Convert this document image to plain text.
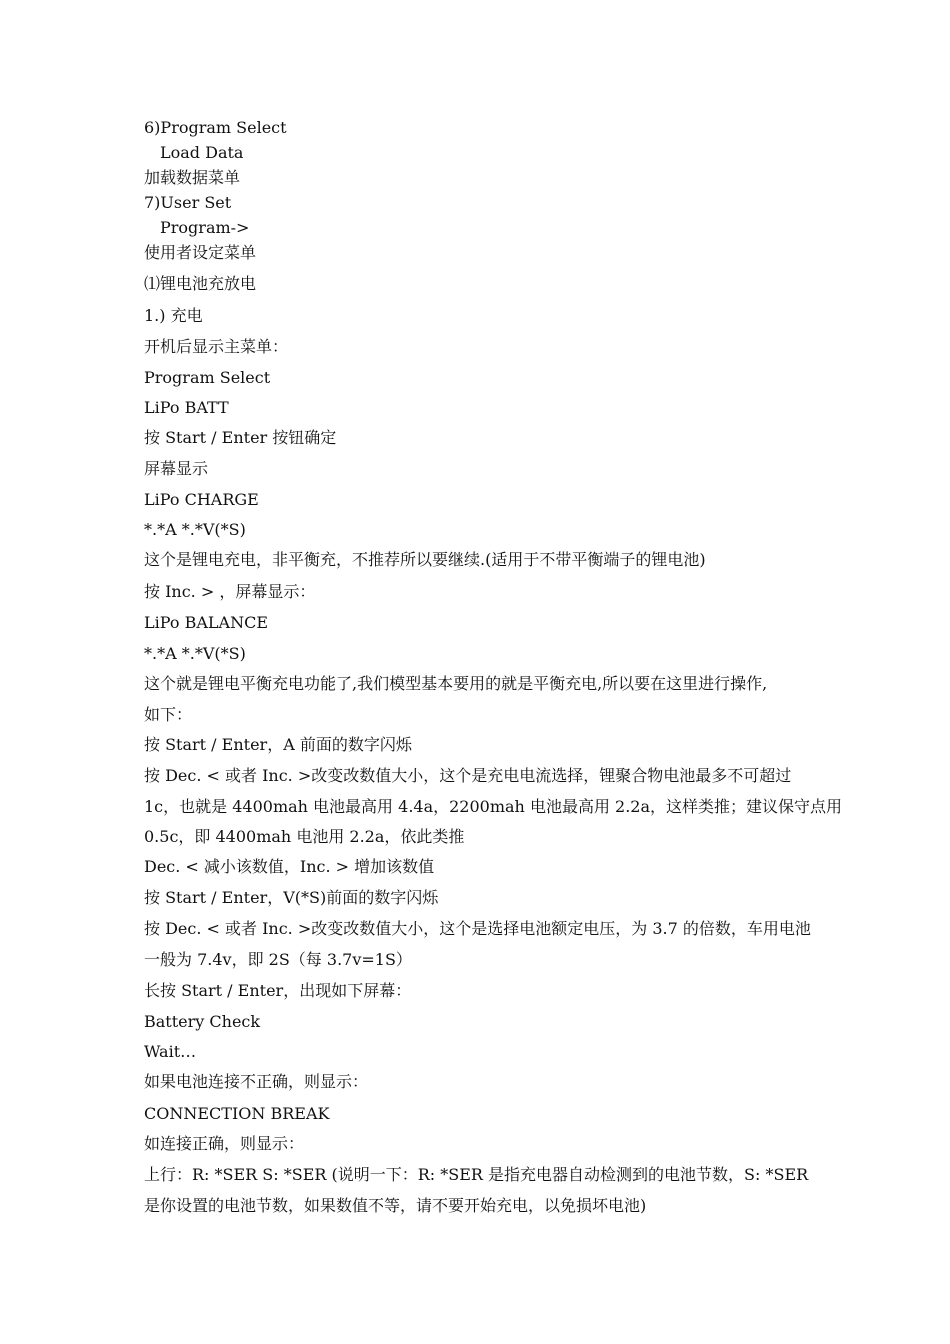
6)Program Select

Load Data

加载数据菜单

7)User Set

Program->

使用者设定菜单

⑴锂电池充放电

1.) 充电

开机后显示主菜单：

Program Select

LiPo BATT

按 Start / Enter 按钮确定

屏幕显示

LiPo CHARGE

*.*A *.*V(*S)

这个是锂电充电，非平衡充，不推荐所以要继续.(适用于不带平衡端子的锂电池)

按 Inc. > ，屏幕显示：

LiPo BALANCE

*.*A *.*V(*S)

这个就是锂电平衡充电功能了,我们模型基本要用的就是平衡充电,所以要在这里进行操作,

如下：

按 Start / Enter，A 前面的数字闪烁

按 Dec. < 或者 Inc. >改变改数值大小，这个是充电电流选择，锂聚合物电池最多不可超过

1c，也就是 4400mah 电池最高用 4.4a，2200mah 电池最高用 2.2a，这样类推；建议保守点用

0.5c，即 4400mah 电池用 2.2a，依此类推

Dec. < 减小该数值，Inc. > 增加该数值

按 Start / Enter，V(*S)前面的数字闪烁

按 Dec. < 或者 Inc. >改变改数值大小，这个是选择电池额定电压，为 3.7 的倍数，车用电池

一般为 7.4v，即 2S（每 3.7v=1S）

长按 Start / Enter，出现如下屏幕：

Battery Check

Wait…

如果电池连接不正确，则显示：

CONNECTION BREAK

如连接正确，则显示：

上行：R: *SER S: *SER (说明一下：R: *SER 是指充电器自动检测到的电池节数，S: *SER

是你设置的电池节数，如果数值不等，请不要开始充电，以免损坏电池)
